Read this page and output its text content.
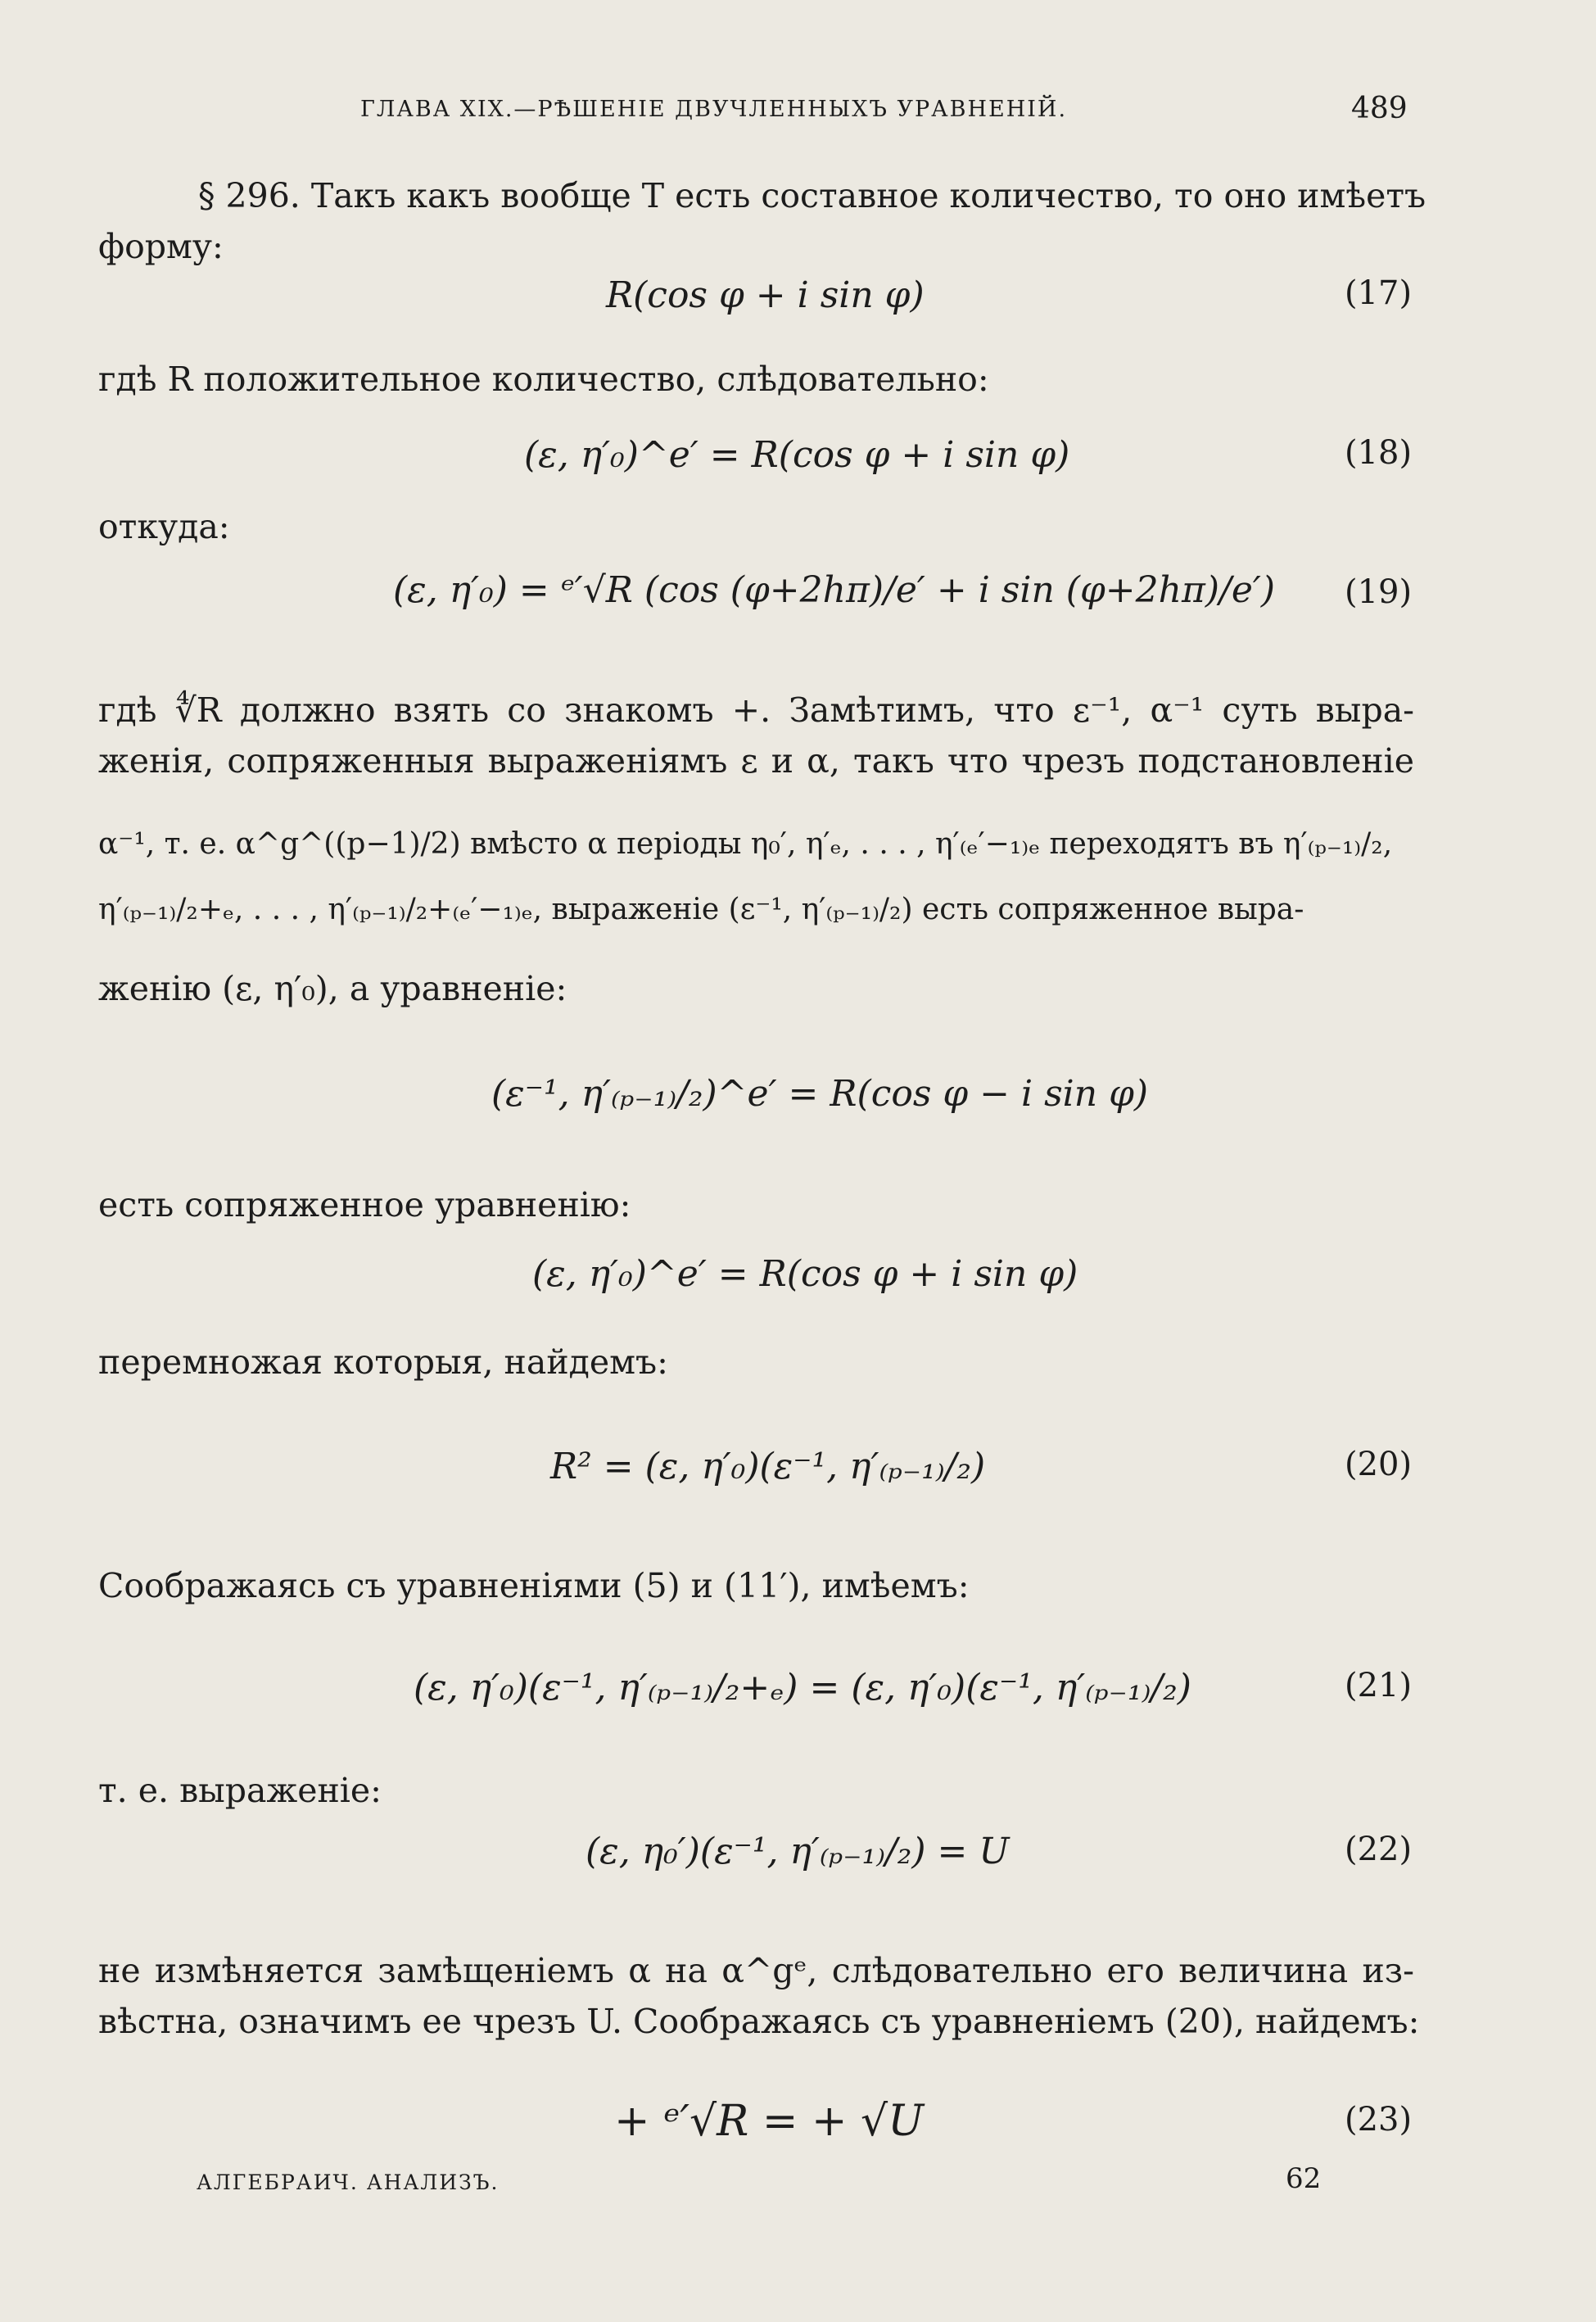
ГЛАВА XIX.—РѢШЕНІЕ ДВУЧЛЕННЫХЪ УРАВНЕНІЙ.	489
§ 296. Такъ какъ вообще T есть составное количество, то оно имѣетъ
форму:
R(cos φ + i sin φ)	(17)
гдѣ R положительное количество, слѣдовательно:
(ε, η′₀)^e′ = R(cos φ + i sin φ)	(18)
откуда:
(ε, η′₀) = ᵉ′√R (cos (φ+2hπ)/e′ + i sin (φ+2hπ)/e′) (19)
гдѣ ∜R должно взять со знакомъ +. Замѣтимъ, что ε⁻¹, α⁻¹ суть выра-
женія, сопряженныя выраженіямъ ε и α, такъ что чрезъ подстановленіе
α⁻¹, т. е. α^g^((p−1)/2) вмѣсто α періоды η₀′, η′ₑ, . . . , η′₍ₑ′−₁₎ₑ переходятъ въ η′₍ₚ₋₁₎/₂,
η′₍ₚ₋₁₎/₂+ₑ, . . . , η′₍ₚ₋₁₎/₂+₍ₑ′−₁₎ₑ, выраженіе (ε⁻¹, η′₍ₚ₋₁₎/₂) есть сопряженное выра-
женію (ε, η′₀), а уравненіе:
(ε⁻¹, η′₍ₚ₋₁₎/₂)^e′ = R(cos φ − i sin φ)
есть сопряженное уравненію:
(ε, η′₀)^e′ = R(cos φ + i sin φ)
перемножая которыя, найдемъ:
R² = (ε, η′₀)(ε⁻¹, η′₍ₚ₋₁₎/₂)	(20)
Соображаясь съ уравненіями (5) и (11′), имѣемъ:
(ε, η′₀)(ε⁻¹, η′₍ₚ₋₁₎/₂+ₑ) = (ε, η′₀)(ε⁻¹, η′₍ₚ₋₁₎/₂)	(21)
т. е. выраженіе:
(ε, η₀′)(ε⁻¹, η′₍ₚ₋₁₎/₂) = U	(22)
не измѣняется замѣщеніемъ α на α^gᵉ, слѣдовательно его величина из-
вѣстна, означимъ ее чрезъ U. Соображаясь съ уравненіемъ (20), найдемъ:
+ ᵉ′√R = + √U	(23)
АЛГЕБРАИЧ. АНАЛИЗЪ.	62
